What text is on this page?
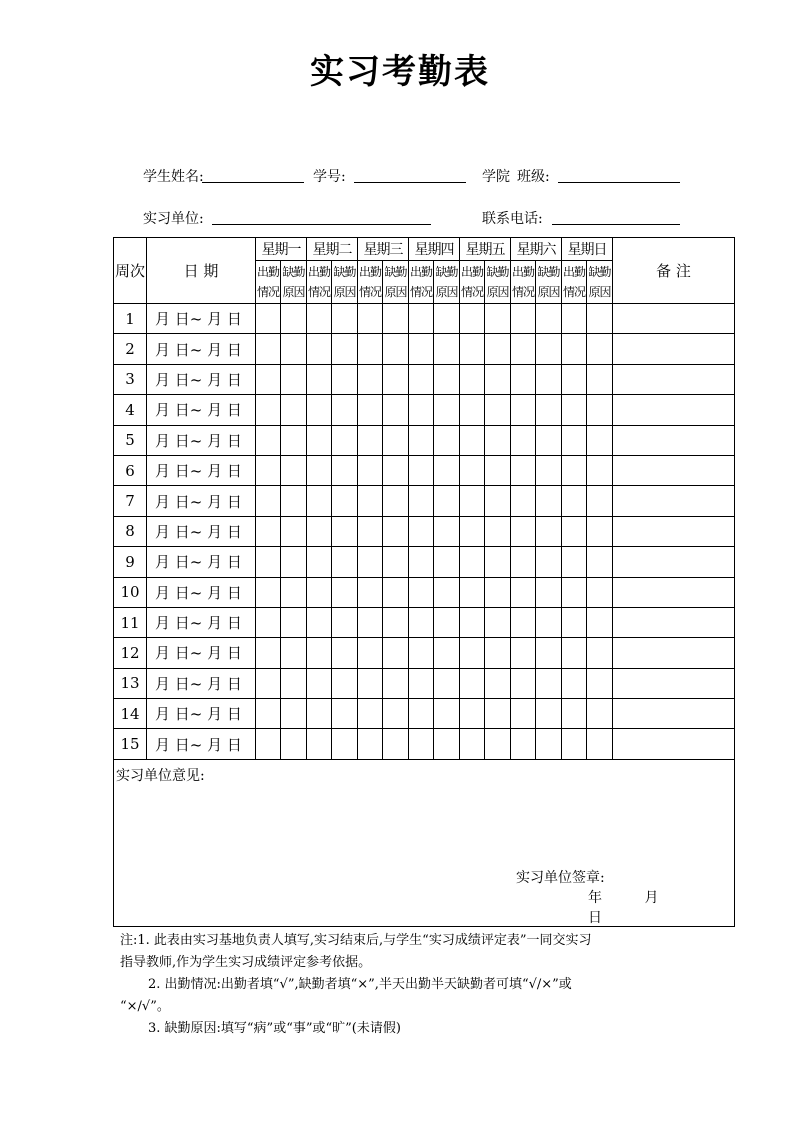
实习考勤表
学生姓名:	学号:	学院 班级:
实习单位:	联系电话:
周次	日 期	星期一		星期二		星期三		星期四		星期五		星期六		星期日		备 注
		出勤情况	缺勤原因	出勤情况	缺勤原因	出勤情况	缺勤原因	出勤情况	缺勤原因	出勤情况	缺勤原因	出勤情况	缺勤原因	出勤情况	缺勤原因	
1	月 日~ 月 日															
2	月 日~ 月 日															
3	月 日~ 月 日															
4	月 日~ 月 日															
5	月 日~ 月 日															
6	月 日~ 月 日															
7	月 日~ 月 日															
8	月 日~ 月 日															
9	月 日~ 月 日															
10	月 日~ 月 日															
11	月 日~ 月 日															
12	月 日~ 月 日															
13	月 日~ 月 日															
14	月 日~ 月 日															
15	月 日~ 月 日															
实习单位意见:
实习单位签章:
年	月 日
注:1. 此表由实习基地负责人填写,实习结束后,与学生“实习成绩评定表”一同交实习
指导教师,作为学生实习成绩评定参考依据。
2. 出勤情况:出勤者填“√”,缺勤者填“×”,半天出勤半天缺勤者可填“√/×”或
“×/√”。
3. 缺勤原因:填写“病”或“事”或“旷”(未请假)
